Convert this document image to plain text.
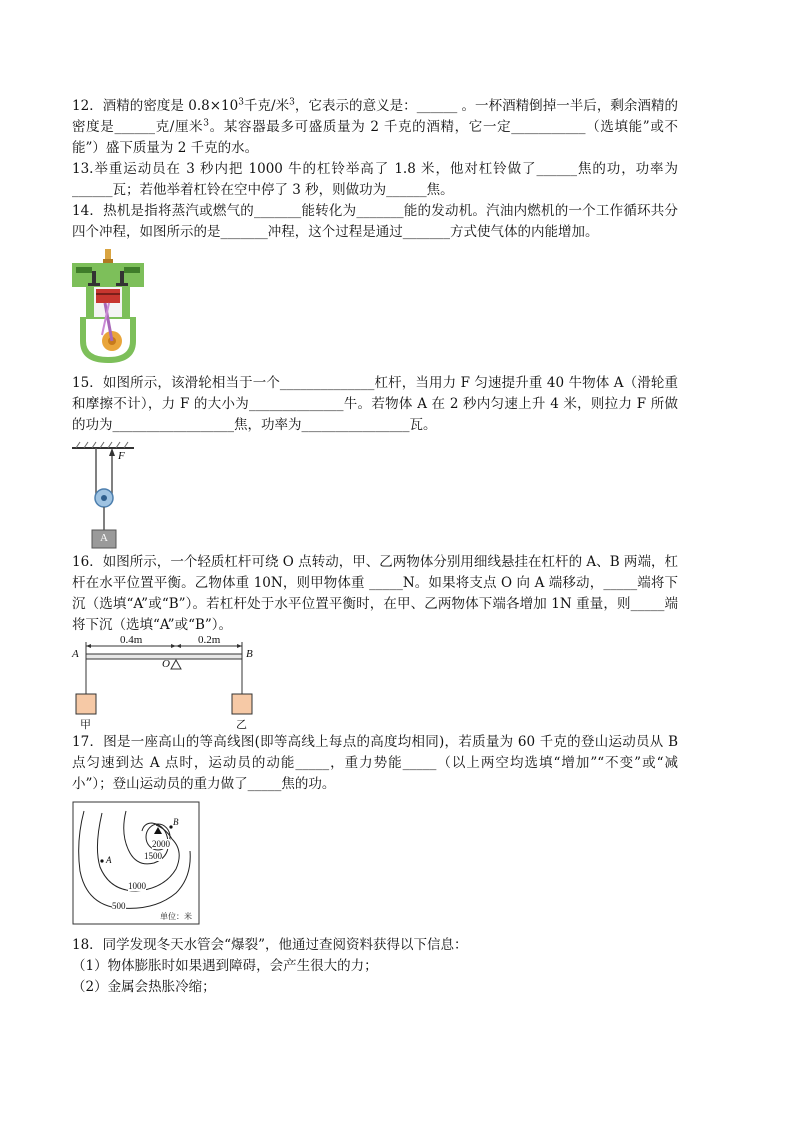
12．酒精的密度是 $0.8\times 10^3$千克/米$^3$，它表示的意义是：______ 。一杯酒精倒掉一半后，剩余酒精的密度是______克/厘米$^3$。某容器最多可盛质量为 2 千克的酒精，它一定___________（选填能”或不能”）盛下质量为 2 千克的水。

13.举重运动员在 3 秒内把 1000 牛的杠铃举高了 1.8 米，他对杠铃做了______焦的功，功率为______瓦；若他举着杠铃在空中停了 3 秒，则做功为______焦。

14．热机是指将蒸汽或燃气的_______能转化为_______能的发动机。汽油内燃机的一个工作循环共分四个冲程，如图所示的是_______冲程，这个过程是通过_______方式使气体的内能增加。

15．如图所示，该滑轮相当于一个______________杠杆，当用力 F 匀速提升重 40 牛物体 A（滑轮重和摩擦不计），力 F 的大小为______________牛。若物体 A 在 2 秒内匀速上升 4 米，则拉力 F 所做的功为__________________焦，功率为________________瓦。

F
A

16．如图所示，一个轻质杠杆可绕 O 点转动，甲、乙两物体分别用细线悬挂在杠杆的 A、B 两端，杠杆在水平位置平衡。乙物体重 10N，则甲物体重 _____N。如果将支点 O 向 A 端移动，_____端将下沉（选填“A”或“B”）。若杠杆处于水平位置平衡时，在甲、乙两物体下端各增加 1N 重量，则_____端将下沉（选填“A”或“B”）。

A	B
0.4m	0.2m
O
甲	乙

17．图是一座高山的等高线图(即等高线上每点的高度均相同)，若质量为 60 千克的登山运动员从 B 点匀速到达 A 点时，运动员的动能_____，重力势能_____（以上两空均选填“增加”“不变”或“减小”）；登山运动员的重力做了_____焦的功。

B
A
2000
1500
1000
500
单位：米

18．同学发现冬天水管会“爆裂”，他通过查阅资料获得以下信息：

（1）物体膨胀时如果遇到障碍，会产生很大的力；

（2）金属会热胀冷缩；
